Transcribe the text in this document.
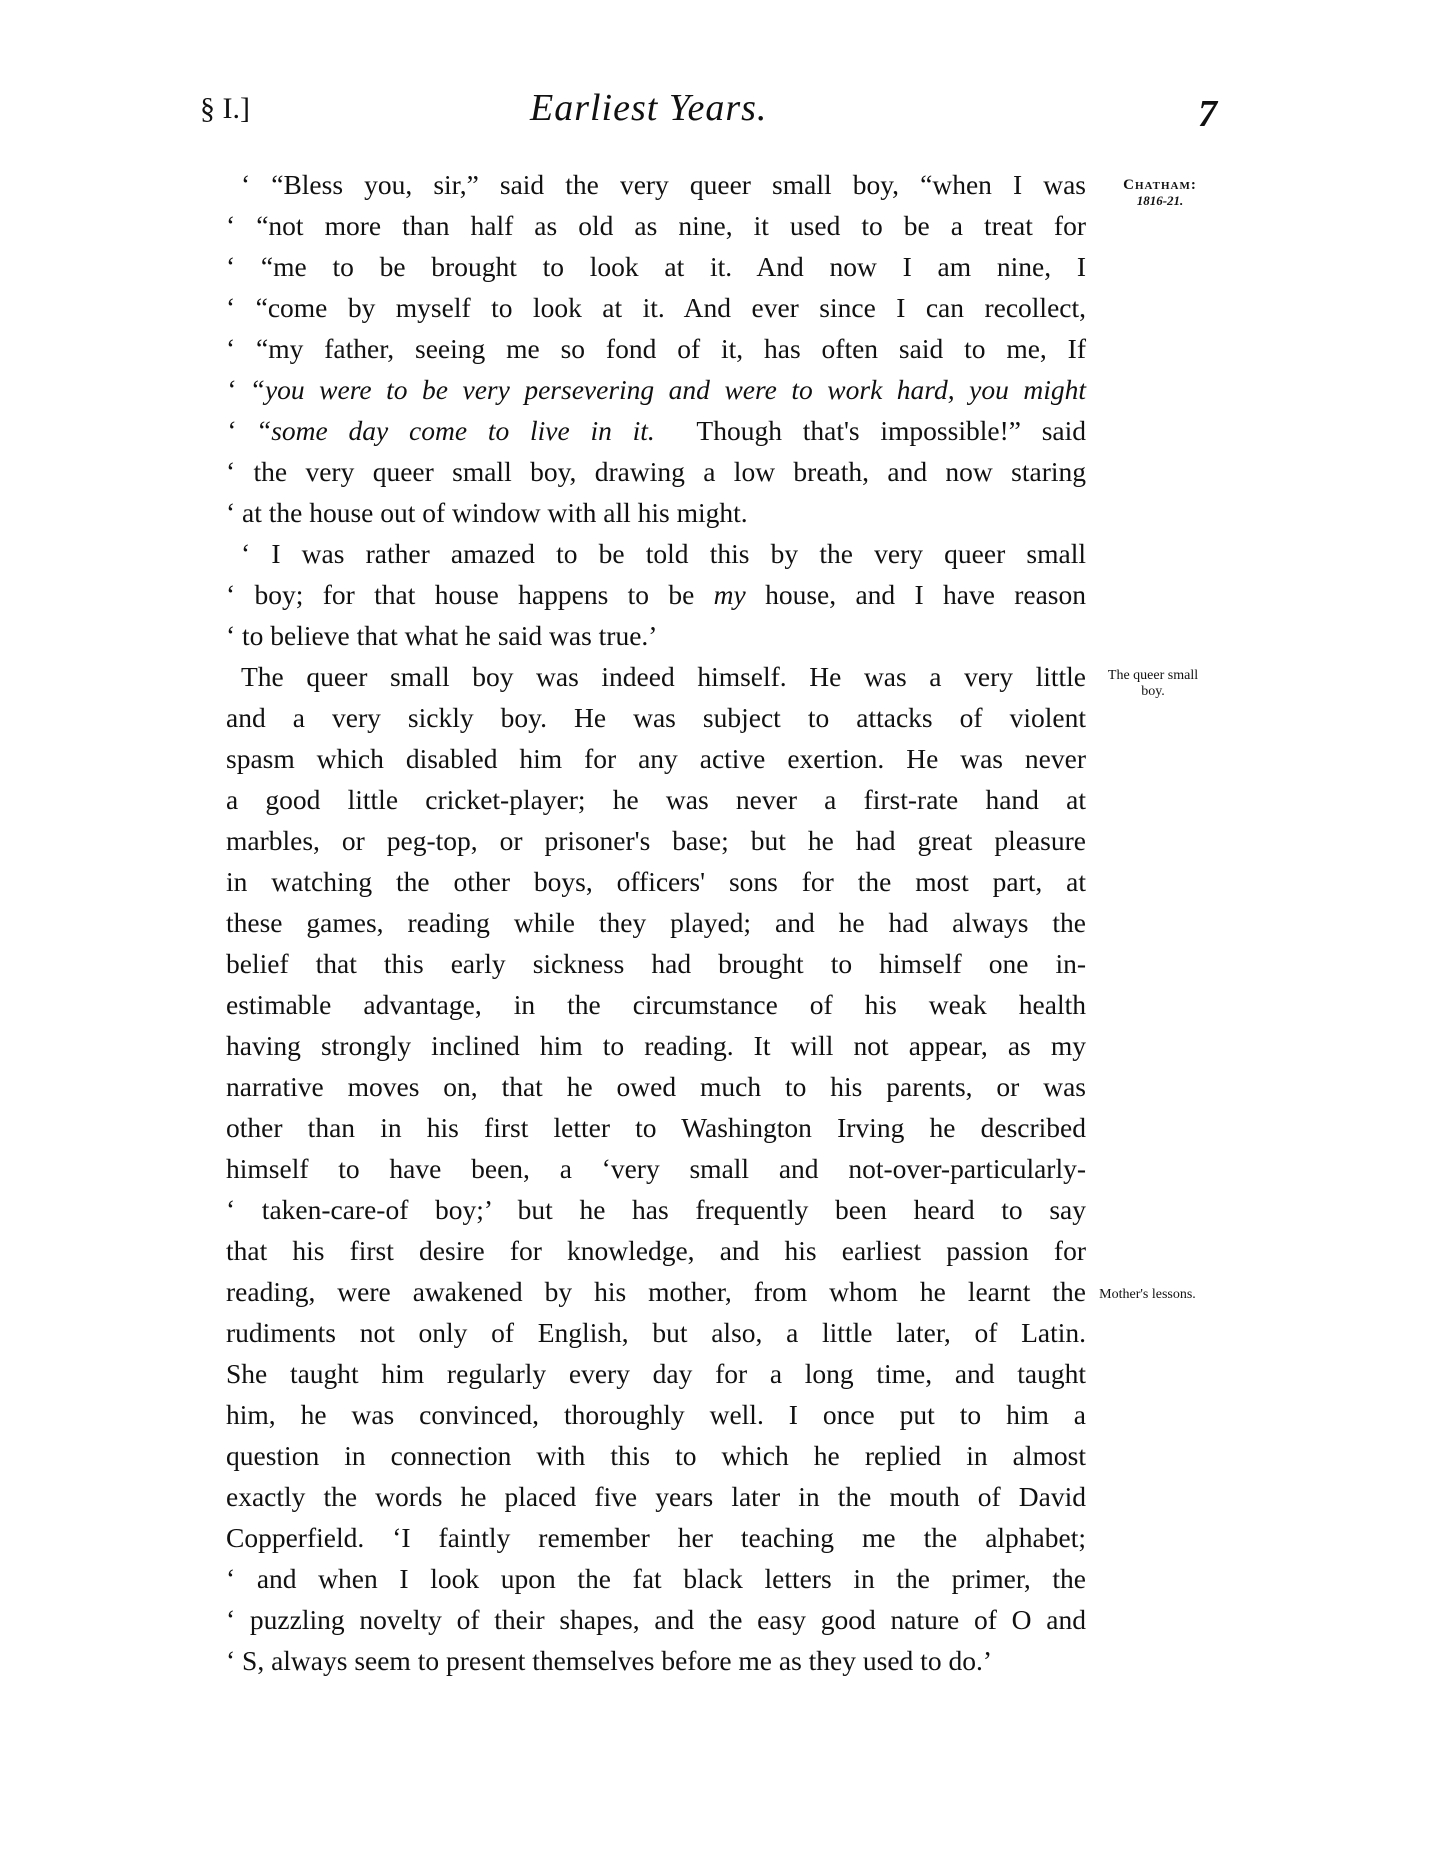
§ I.]	Earliest Years.	7
Chatham:
1816-21.
The queer small boy.
Mother's lessons.
‘ “Bless you, sir,” said the very queer small boy, “when I was
‘ “not more than half as old as nine, it used to be a treat for
‘ “me to be brought to look at it. And now I am nine, I
‘ “come by myself to look at it. And ever since I can recollect,
‘ “my father, seeing me so fond of it, has often said to me, If
‘ “you were to be very persevering and were to work hard, you might
‘ “some day come to live in it. Though that's impossible!” said
‘ the very queer small boy, drawing a low breath, and now staring
‘ at the house out of window with all his might.
‘ I was rather amazed to be told this by the very queer small
‘ boy; for that house happens to be my house, and I have reason
‘ to believe that what he said was true.’
The queer small boy was indeed himself. He was a very little
and a very sickly boy. He was subject to attacks of violent
spasm which disabled him for any active exertion. He was never
a good little cricket-player; he was never a first-rate hand at
marbles, or peg-top, or prisoner's base; but he had great pleasure
in watching the other boys, officers' sons for the most part, at
these games, reading while they played; and he had always the
belief that this early sickness had brought to himself one in-
estimable advantage, in the circumstance of his weak health
having strongly inclined him to reading. It will not appear, as my
narrative moves on, that he owed much to his parents, or was
other than in his first letter to Washington Irving he described
himself to have been, a ‘very small and not-over-particularly-
‘ taken-care-of boy;’ but he has frequently been heard to say
that his first desire for knowledge, and his earliest passion for
reading, were awakened by his mother, from whom he learnt the
rudiments not only of English, but also, a little later, of Latin.
She taught him regularly every day for a long time, and taught
him, he was convinced, thoroughly well. I once put to him a
question in connection with this to which he replied in almost
exactly the words he placed five years later in the mouth of David
Copperfield. ‘I faintly remember her teaching me the alphabet;
‘ and when I look upon the fat black letters in the primer, the
‘ puzzling novelty of their shapes, and the easy good nature of O and
‘ S, always seem to present themselves before me as they used to do.’
